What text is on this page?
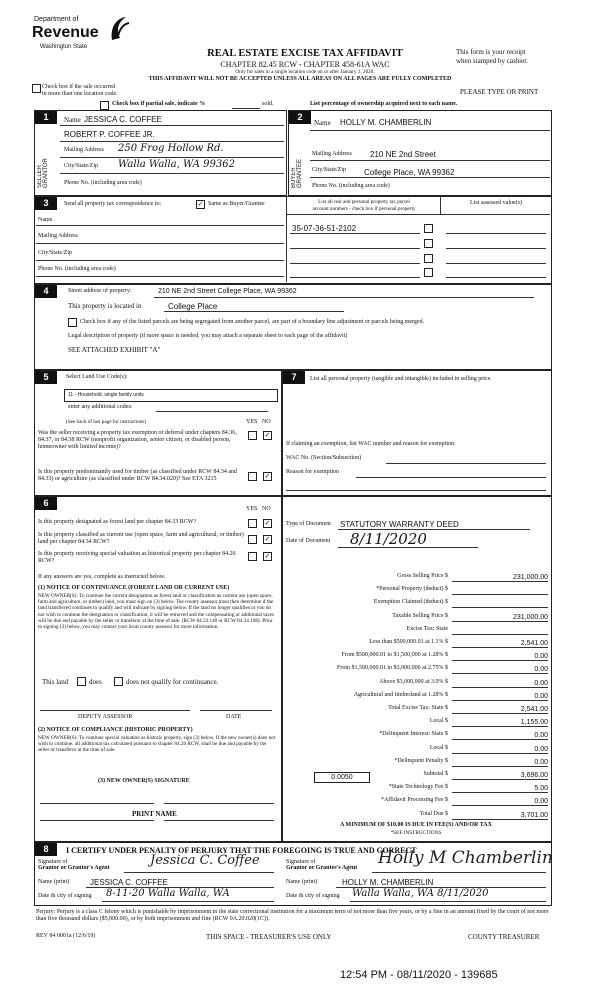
Department of
Revenue
Washington State
REAL ESTATE EXCISE TAX AFFIDAVIT
CHAPTER 82.45 RCW - CHAPTER 458-61A WAC
Only for sales in a single location code on or after January 1, 2020.
THIS AFFIDAVIT WILL NOT BE ACCEPTED UNLESS ALL AREAS ON ALL PAGES ARE FULLY COMPLETED
This form is your receipt
when stamped by cashier.
PLEASE TYPE OR PRINT
Check box if the sale occurred
in more than one location code.
Check box if partial sale, indicate %	sold.	List percentage of ownership acquired next to each name.
1
SELLER GRANTOR
Name JESSICA C. COFFEE
ROBERT P. COFFEE JR.
Mailing Address 250 Frog Hollow Rd.
City/State/Zip Walla Walla, WA 99362
Phone No. (including area code)
2
BUYER GRANTEE
Name HOLLY M. CHAMBERLIN
Mailing Address 210 NE 2nd Street
City/State/Zip College Place, WA 99362
Phone No. (including area code)
3	Send all property tax correspondence to:	✓ Same as Buyer/Grantee
Name
Mailing Address
City/State/Zip
Phone No. (including area code)
List all real and personal property tax parcel
account numbers - check box if personal property
List assessed value(s)
35-07-36-51-2102
4	Street address of property:	210 NE 2nd Street College Place, WA 99362
This property is located in	College Place
Check box if any of the listed parcels are being segregated from another parcel, are part of a boundary line adjustment or parcels being merged.
Legal description of property (if more space is needed, you may attach a separate sheet to each page of the affidavit)
SEE ATTACHED EXHIBIT "A"
5	Select Land Use Code(s):
11 - Household, single family units
enter any additional codes:
(See back of last page for instructions)	YES NO
Was the seller receiving a property tax exemption or deferral under chapters 84.36, 84.37, or 84.38 RCW (nonprofit organization, senior citizen, or disabled person, homeowner with limited income)?
✓
Is this property predominantly used for timber (as classified under RCW 84.34 and 84.33) or agriculture (as classified under RCW 84.34.020)? See ETA 3215	✓
7	List all personal property (tangible and intangible) included in selling price.
If claiming an exemption, list WAC number and reason for exemption:
WAC No. (Section/Subsection)
Reason for exemption
6
YES NO
Is this property designated as forest land per chapter 84.33 RCW?	✓
Is this property classified as current use (open space, farm and agricultural, or timber) land per chapter 84.34 RCW?	✓
Is this property receiving special valuation as historical property per chapter 84.26 RCW?
✓
If any answers are yes, complete as instructed below.
(1) NOTICE OF CONTINUANCE (FOREST LAND OR CURRENT USE)
NEW OWNER(S): To continue the current designation as forest land or classification as current use (open space, farm and agriculture, or timber) land, you must sign on (3) below. The county assessor must then determine if the land transferred continues to qualify and will indicate by signing below. If the land no longer qualifies or you do not wish to continue the designation or classification, it will be removed and the compensating or additional taxes will be due and payable by the seller or transferor at the time of sale. (RCW 84.33.140 or RCW 84.34.108). Prior to signing (3) below, you may contact your local county assessor for more information.
This land	does	does not qualify for continuance.
DEPUTY ASSESSOR	DATE
(2) NOTICE OF COMPLIANCE (HISTORIC PROPERTY)
NEW OWNER(S): To continue special valuation as historic property, sign (3) below. If the new owner(s) does not wish to continue, all additional tax calculated pursuant to chapter 84.26 RCW, shall be due and payable by the seller or transferor at the time of sale.
(3) NEW OWNER(S) SIGNATURE
PRINT NAME
Type of Document STATUTORY WARRANTY DEED
Date of Document 8/11/2020
Gross Selling Price $	231,000.00
*Personal Property (deduct) $
Exemption Claimed (deduct) $
Taxable Selling Price $	231,000.00
Excise Tax: State
Less than $500,000.01 at 1.1% $	2,541.00
From $500,000.01 to $1,500,000 at 1.28% $	0.00
From $1,500,000.01 to $3,000,000 at 2.75% $	0.00
Above $3,000,000 at 3.0% $	0.00
Agricultural and timberland at 1.28% $	0.00
Total Excise Tax: State $	2,541.00
Local $	1,155.00
*Delinquent Interest: State $	0.00
Local $	0.00
*Delinquent Penalty $	0.00
Subtotal $	3,696.00
*State Technology Fee $	5.00
*Affidavit Processing Fee $	0.00
Total Due $	3,701.00
0.0050
A MINIMUM OF $10.00 IS DUE IN FEE(S) AND/OR TAX
*SEE INSTRUCTIONS
8	I CERTIFY UNDER PENALTY OF PERJURY THAT THE FOREGOING IS TRUE AND CORRECT
Signature of
Grantor or Grantor's Agent	Jessica C. Coffee
Name (print)	JESSICA C. COFFEE
Date & city of signing 8-11-20 Walla Walla, WA
Signature of
Grantor or Grantee's Agent Holly M Chamberlin
Name (print)	HOLLY M. CHAMBERLIN
Date & city of signing Walla Walla, WA 8/11/2020
Perjury: Perjury is a class C felony which is punishable by imprisonment in the state correctional institution for a maximum term of not more than five years, or by a fine in an amount fixed by the court of not more than five thousand dollars ($5,000.00), or by both imprisonment and fine (RCW 9A.20.020(1C)).
REV 84 0001a (12/6/19)	THIS SPACE - TREASURER'S USE ONLY	COUNTY TREASURER
12:54 PM - 08/11/2020 - 139685
